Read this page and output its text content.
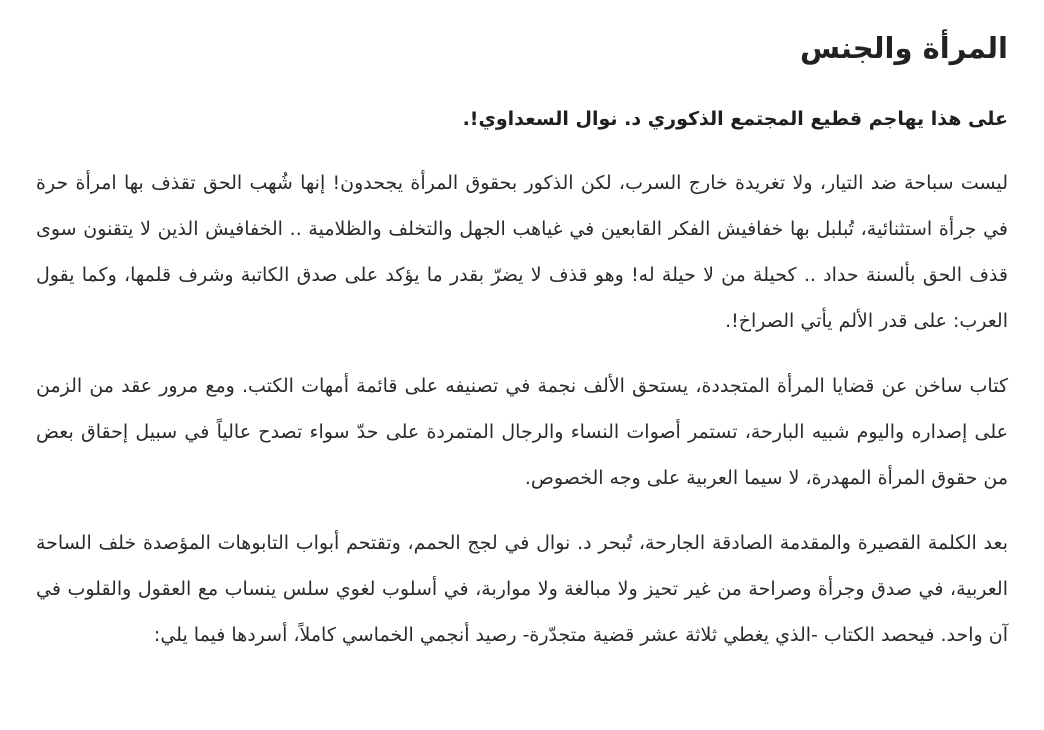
المرأة والجنس

على هذا يهاجم قطيع المجتمع الذكوري د. نوال السعداوي!.

ليست سباحة ضد التيار، ولا تغريدة خارج السرب، لكن الذكور بحقوق المرأة يجحدون! إنها شُهب الحق تقذف بها امرأة حرة في جرأة استثنائية، تُبلبل بها خفافيش الفكر القابعين في غياهب الجهل والتخلف والظلامية .. الخفافيش الذين لا يتقنون سوى قذف الحق بألسنة حداد .. كحيلة من لا حيلة له! وهو قذف لا يضرّ بقدر ما يؤكد على صدق الكاتبة وشرف قلمها، وكما يقول العرب: على قدر الألم يأتي الصراخ!.

كتاب ساخن عن قضايا المرأة المتجددة، يستحق الألف نجمة في تصنيفه على قائمة أمهات الكتب. ومع مرور عقد من الزمن على إصداره واليوم شبيه البارحة، تستمر أصوات النساء والرجال المتمردة على حدّ سواء تصدح عالياً في سبيل إحقاق بعض من حقوق المرأة المهدرة، لا سيما العربية على وجه الخصوص.

بعد الكلمة القصيرة والمقدمة الصادقة الجارحة، تُبحر د. نوال في لجج الحمم، وتقتحم أبواب التابوهات المؤصدة خلف الساحة العربية، في صدق وجرأة وصراحة من غير تحيز ولا مبالغة ولا مواربة، في أسلوب لغوي سلس ينساب مع العقول والقلوب في آن واحد. فيحصد الكتاب -الذي يغطي ثلاثة عشر قضية متجدّرة- رصيد أنجمي الخماسي كاملاً، أسردها فيما يلي:
